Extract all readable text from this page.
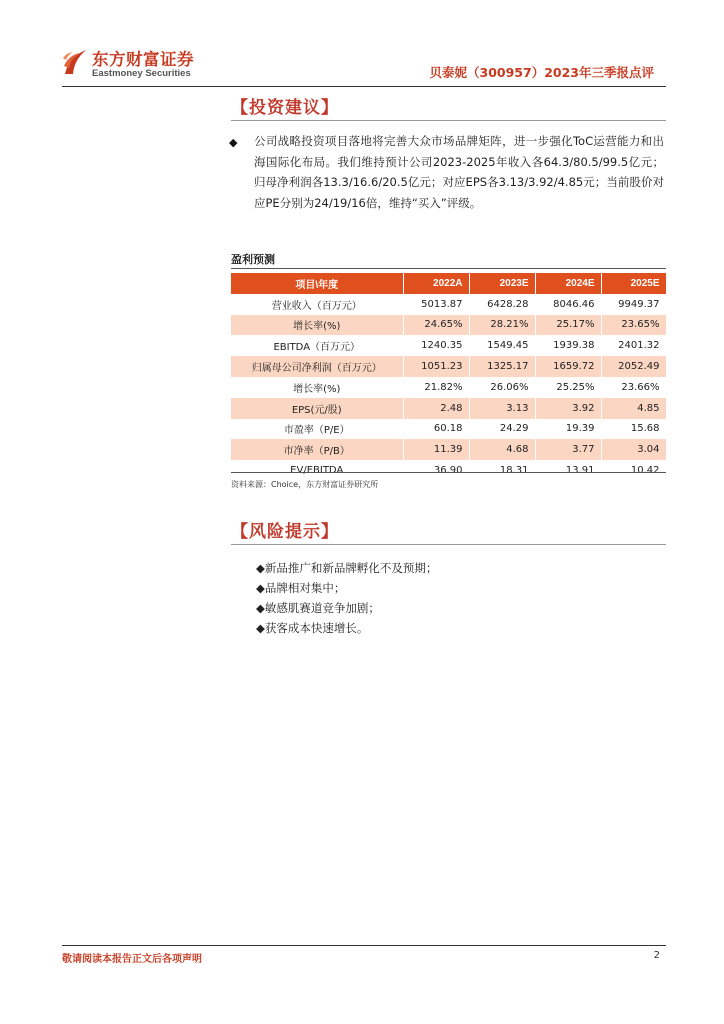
东方财富证券
Eastmoney Securities	贝泰妮（300957）2023年三季报点评
【投资建议】
◆ 公司战略投资项目落地将完善大众市场品牌矩阵，进一步强化ToC运营能力和出海国际化布局。我们维持预计公司2023-2025年收入各64.3/80.5/99.5亿元；归母净利润各13.3/16.6/20.5亿元；对应EPS各3.13/3.92/4.85元；当前股价对应PE分别为24/19/16倍，维持“买入”评级。
盈利预测
项目\年度	2022A	2023E	2024E	2025E
营业收入（百万元）	5013.87	6428.28	8046.46	9949.37
增长率(%)	24.65%	28.21%	25.17%	23.65%
EBITDA（百万元）	1240.35	1549.45	1939.38	2401.32
归属母公司净利润（百万元）	1051.23	1325.17	1659.72	2052.49
增长率(%)	21.82%	26.06%	25.25%	23.66%
EPS(元/股)	2.48	3.13	3.92	4.85
市盈率（P/E）	60.18	24.29	19.39	15.68
市净率（P/B）	11.39	4.68	3.77	3.04
EV/EBITDA	36.90	18.31	13.91	10.42
资料来源：Choice，东方财富证券研究所
【风险提示】
◆新品推广和新品牌孵化不及预期；
◆品牌相对集中；
◆敏感肌赛道竞争加剧；
◆获客成本快速增长。
敬请阅读本报告正文后各项声明	2
